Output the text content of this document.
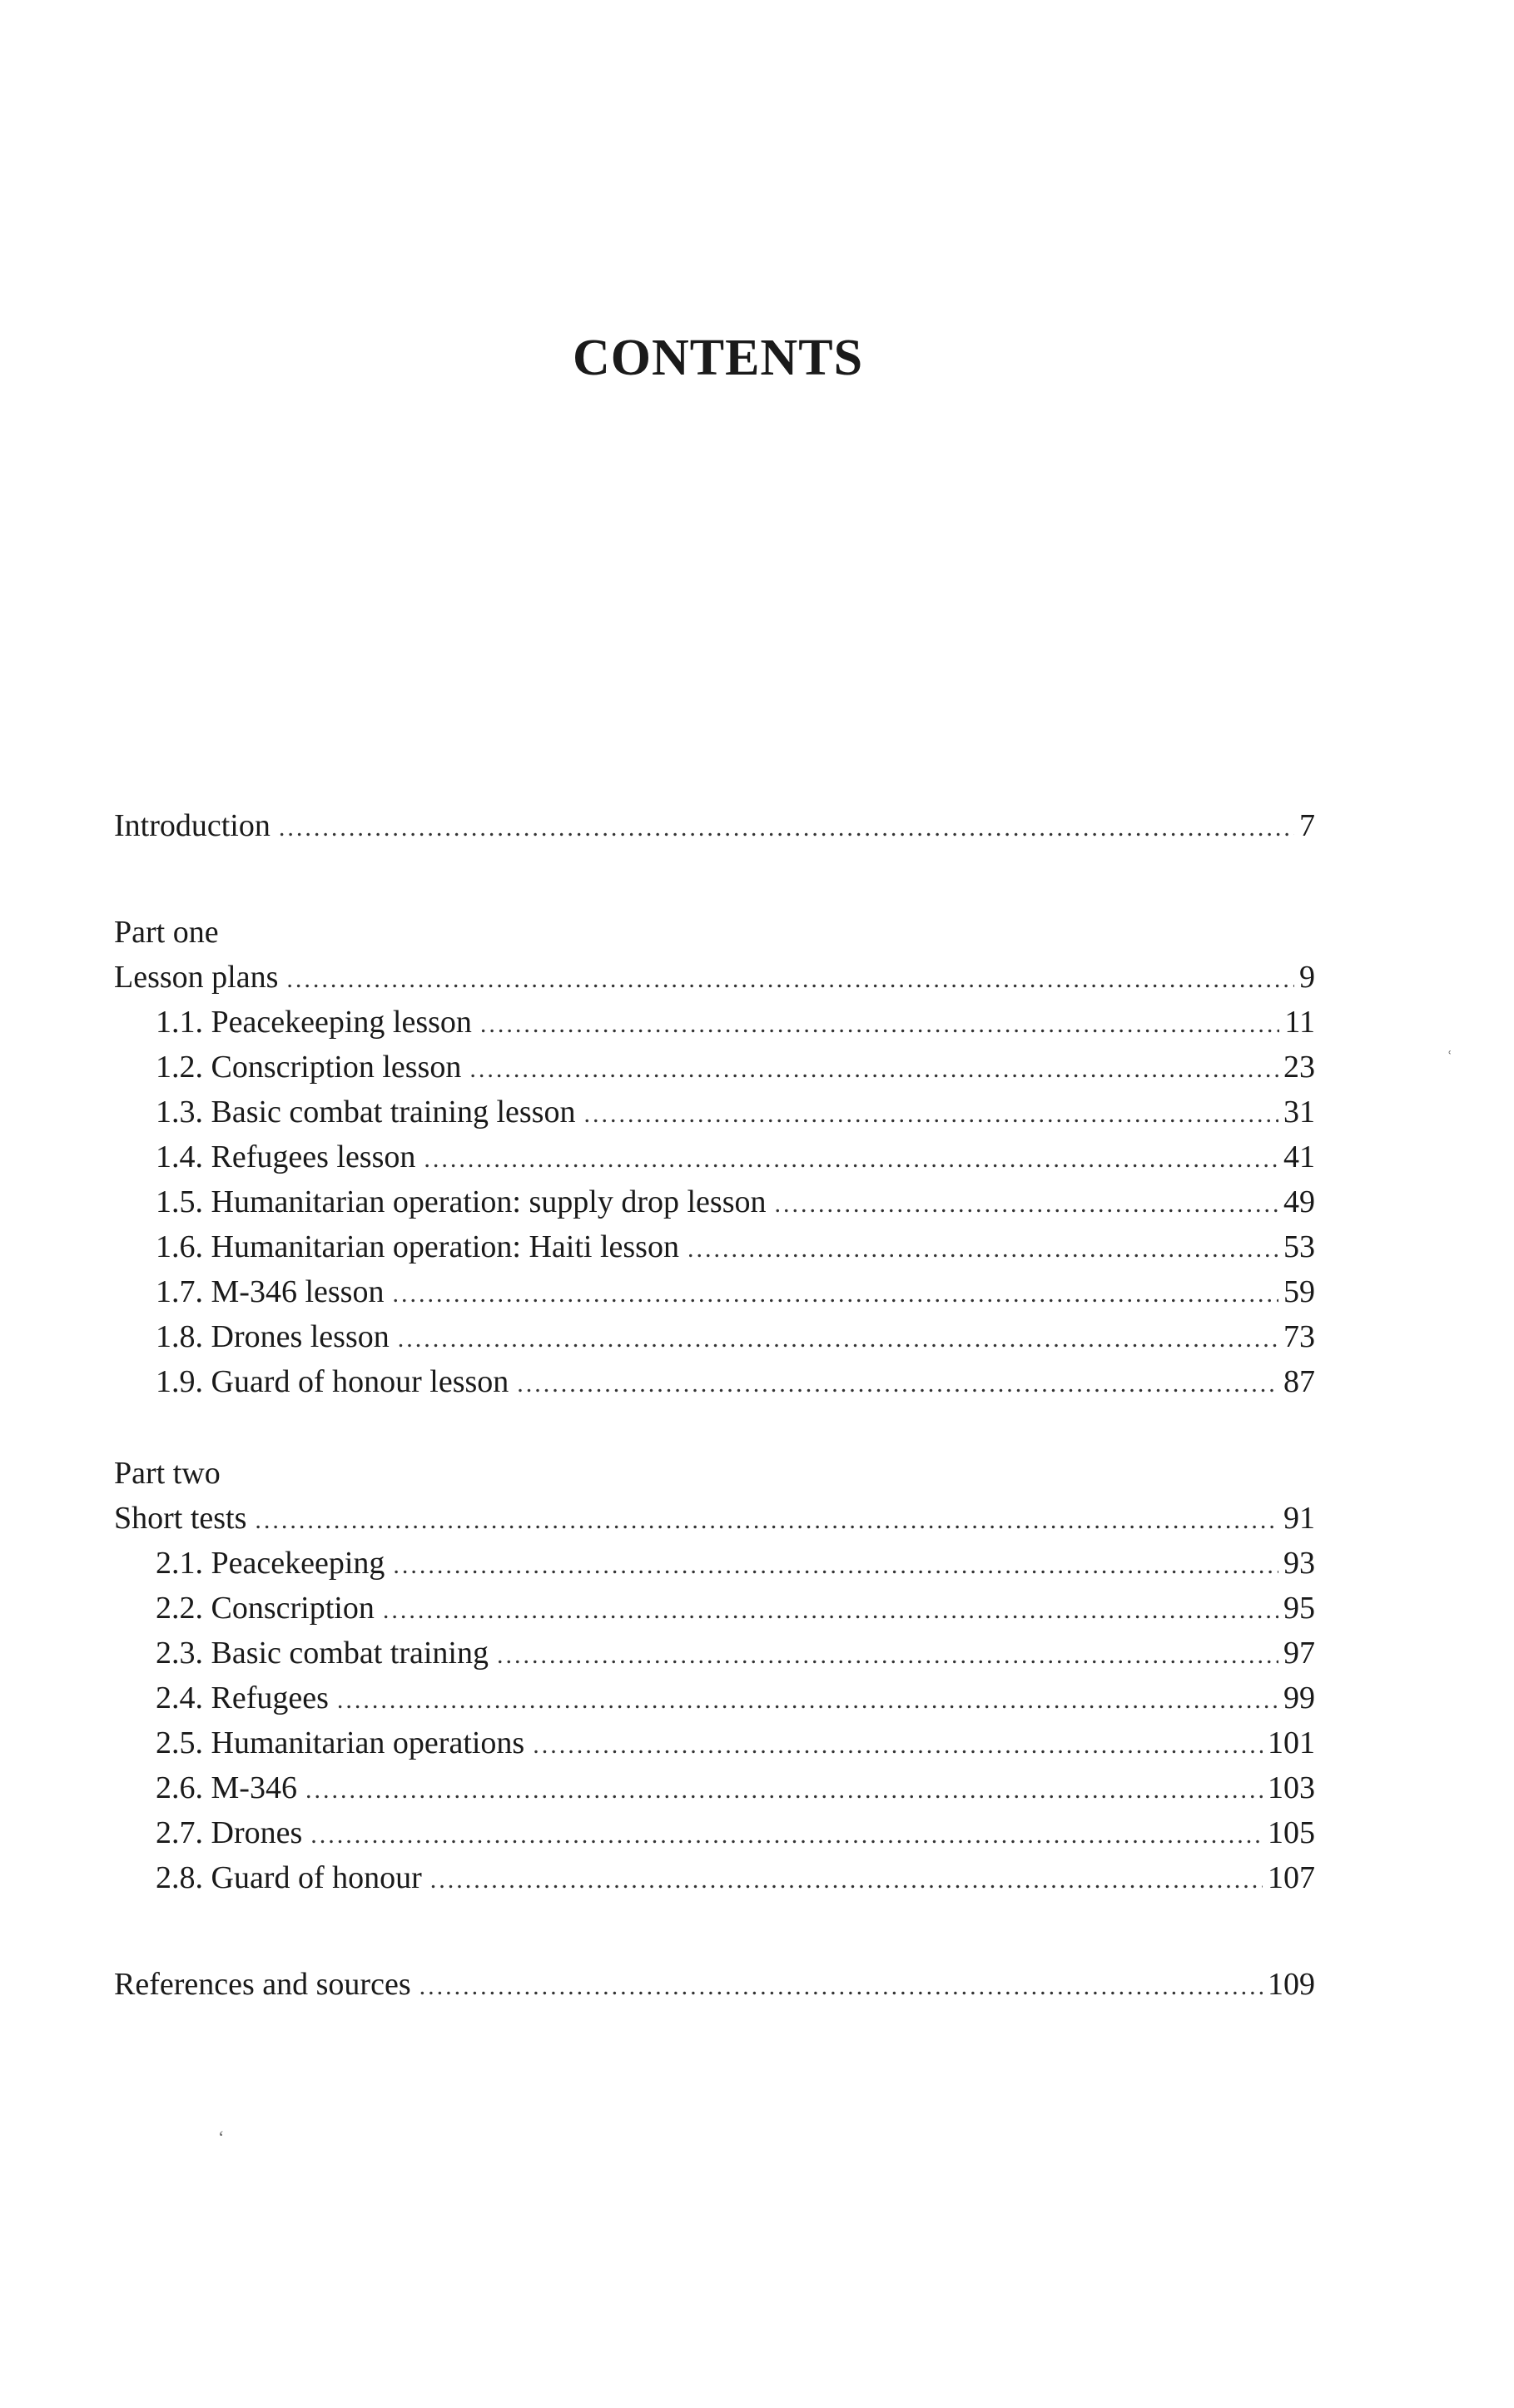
CONTENTS
Introduction .....	7
Part one
Lesson plans .....	9
1.1. Peacekeeping lesson .....	11
1.2. Conscription lesson .....	23
1.3. Basic combat training lesson .....	31
1.4. Refugees lesson .....	41
1.5. Humanitarian operation: supply drop lesson .....	49
1.6. Humanitarian operation: Haiti lesson .....	53
1.7. M-346 lesson .....	59
1.8. Drones lesson .....	73
1.9. Guard of honour lesson .....	87
Part two
Short tests .....	91
2.1. Peacekeeping .....	93
2.2. Conscription .....	95
2.3. Basic combat training .....	97
2.4. Refugees .....	99
2.5. Humanitarian operations .....	101
2.6. M-346 .....	103
2.7. Drones .....	105
2.8. Guard of honour .....	107
References and sources .....	109
ʿ
‘
